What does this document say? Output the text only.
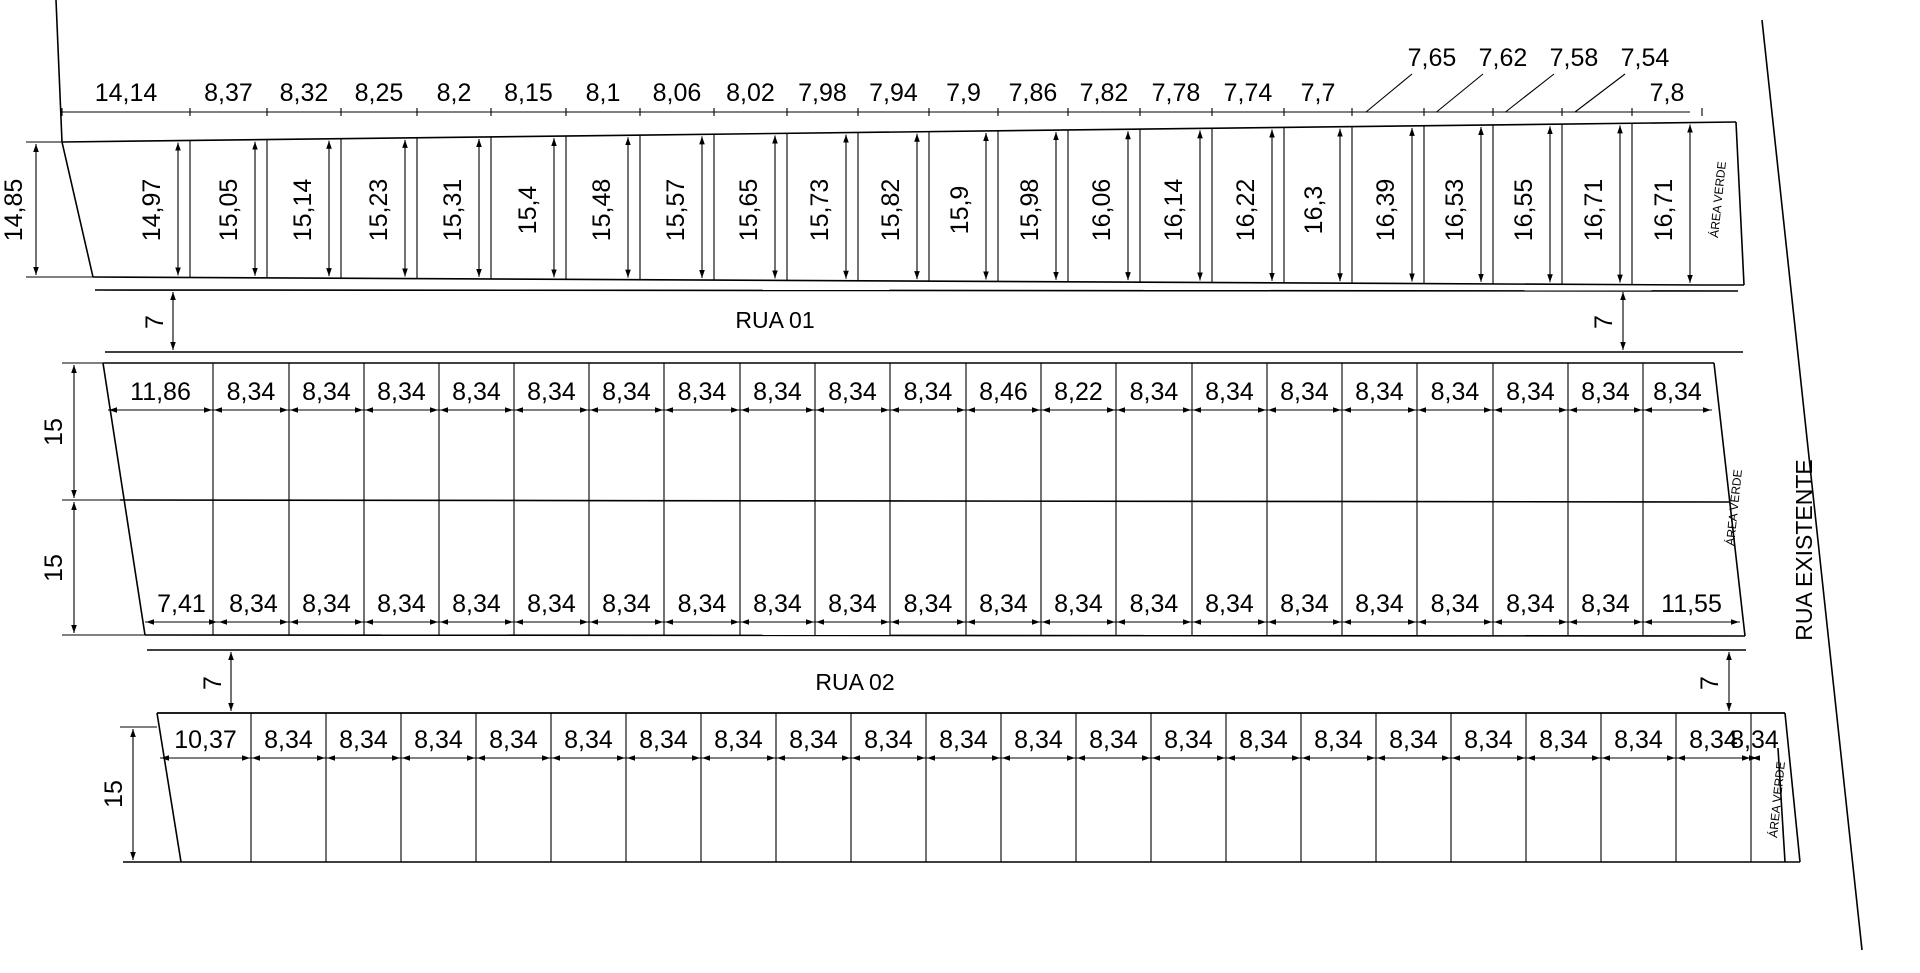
ÁREA VERDE
14,85
14,14
14,97
8,37
15,05
8,32
15,14
8,25
15,23
8,2
15,31
8,15
15,4
8,1
15,48
8,06
15,57
8,02
15,65
7,98
15,73
7,94
15,82
7,9
15,9
7,86
15,98
7,82
16,06
7,78
16,14
7,74
16,22
7,7
16,3
7,65
16,39
7,62
16,53
7,58
16,55
7,54
16,71
7,8
16,71
RUA 01
7	7
ÁREA VERDE
15
15
11,86 8,34 8,34 8,34 8,34 8,34 8,34 8,34 8,34 8,34 8,34 8,46 8,22 8,34 8,34 8,34 8,34 8,34 8,34 8,34 8,34
7,41 8,34 8,34 8,34 8,34 8,34 8,34 8,34 8,34 8,34 8,34 8,34 8,34 8,34 8,34 8,34 8,34 8,34 8,34 8,34 11,55
RUA 02
7	7
ÁREA VERDE
15
10,37 8,34 8,34 8,34 8,34 8,34 8,34 8,34 8,34 8,34 8,34 8,34 8,34 8,34 8,34 8,34 8,34 8,34 8,34 8,34 8,34
8,34
RUA EXISTENTE
